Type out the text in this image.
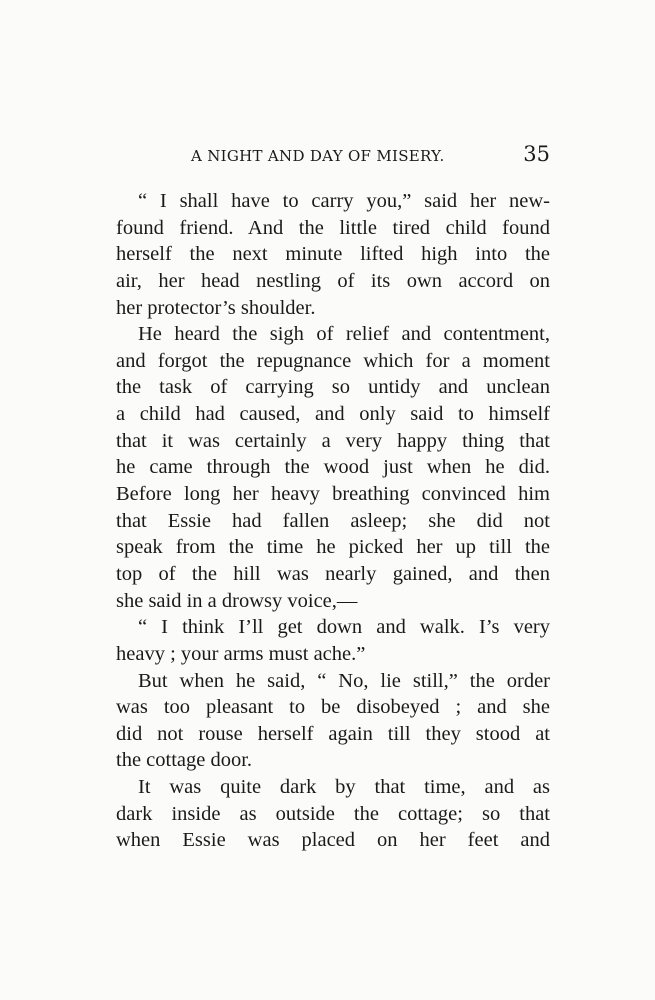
A NIGHT AND DAY OF MISERY.	35
“ I shall have to carry you,” said her new-
found friend. And the little tired child found
herself the next minute lifted high into the
air, her head nestling of its own accord on
her protector’s shoulder.
He heard the sigh of relief and contentment,
and forgot the repugnance which for a moment
the task of carrying so untidy and unclean
a child had caused, and only said to himself
that it was certainly a very happy thing that
he came through the wood just when he did.
Before long her heavy breathing convinced him
that Essie had fallen asleep; she did not
speak from the time he picked her up till the
top of the hill was nearly gained, and then
she said in a drowsy voice,—
“ I think I’ll get down and walk. I’s very
heavy ; your arms must ache.”
But when he said, “ No, lie still,” the order
was too pleasant to be disobeyed ; and she
did not rouse herself again till they stood at
the cottage door.
It was quite dark by that time, and as
dark inside as outside the cottage; so that
when Essie was placed on her feet and
